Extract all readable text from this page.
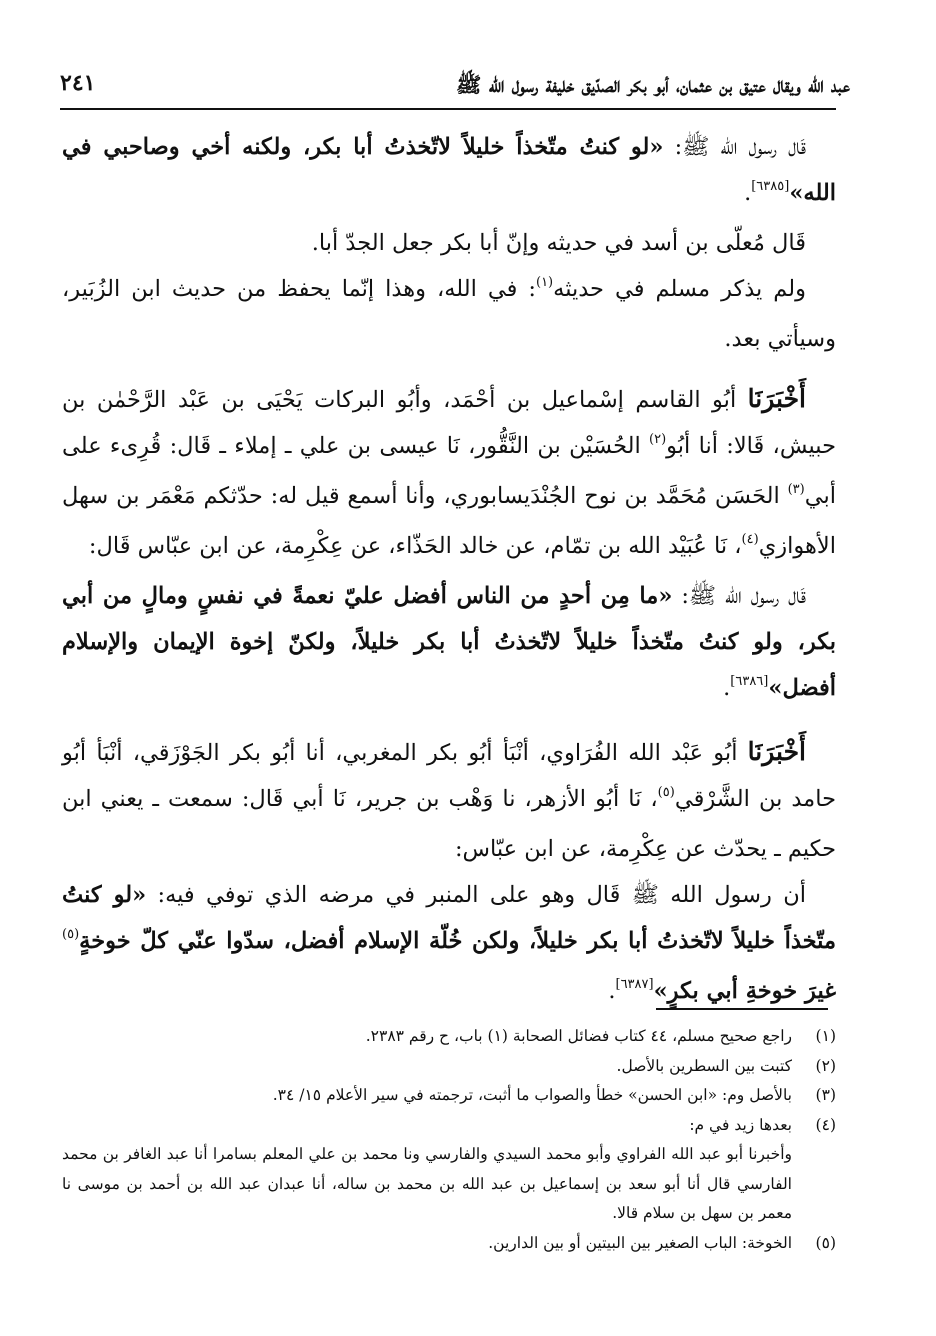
عبد الله ويقال عتيق بن عثمان، أبو بكر الصدّيق خليفة رسول الله ﷺ
٢٤١

قَال رسول الله ﷺ: «لو كنتُ متّخذاً خليلاً لاتّخذتُ أبا بكر، ولكنه أخي وصاحبي في الله»[٦٣٨٥].

قَال مُعلّى بن أسد في حديثه وإنّ أبا بكر جعل الجدّ أبا.

ولم يذكر مسلم في حديثه$^{(١)}$: في الله، وهذا إنّما يحفظ من حديث ابن الزُبَير، وسيأتي بعد.

أَخْبَرَنَا أبُو القاسم إسْماعيل بن أحْمَد، وأبُو البركات يَحْيَى بن عَبْد الرَّحْمٰن بن حبيش، قَالا: أنا أبُو$^{(٢)}$ الحُسَيْن بن النَّقُّور، نَا عيسى بن علي ـ إملاء ـ قَال: قُرِىء على أبي$^{(٣)}$ الحَسَن مُحَمَّد بن نوح الجُنْدَيسابوري، وأنا أسمع قيل له: حدّثكم مَعْمَر بن سهل الأهوازي$^{(٤)}$، نَا عُبَيْد الله بن تمّام، عن خالد الحَذّاء، عن عِكْرِمة، عن ابن عبّاس قَال:

قَال رسول الله ﷺ: «ما مِن أحدٍ من الناس أفضل عليّ نعمةً في نفسٍ ومالٍ من أبي بكر، ولو كنتُ متّخذاً خليلاً لاتّخذتُ أبا بكر خليلاً، ولكنّ إخوة الإيمان والإسلام أفضل»[٦٣٨٦].

أَخْبَرَنَا أبُو عَبْد الله الفُرَاوي، أنْبَأ أبُو بكر المغربي، أنا أبُو بكر الجَوْزَقي، أنْبَأ أبُو حامد بن الشَّرْقي$^{(٥)}$، نَا أبُو الأزهر، نا وَهْب بن جرير، نَا أبي قَال: سمعت ـ يعني ابن حكيم ـ يحدّث عن عِكْرِمة، عن ابن عبّاس:

أن رسول الله ﷺ قَال وهو على المنبر في مرضه الذي توفي فيه: «لو كنتُ متّخذاً خليلاً لاتّخذتُ أبا بكر خليلاً، ولكن خُلّة الإسلام أفضل، سدّوا عنّي كلّ خوخةٍ$^{(٥)}$ غيرَ خوخةِ أبي بكرٍ»[٦٣٨٧].

(١)
راجع صحيح مسلم، ٤٤ كتاب فضائل الصحابة (١) باب، ح رقم ٢٣٨٣.
(٢)
كتبت بين السطرين بالأصل.
(٣)
بالأصل وم: «ابن الحسن» خطأ والصواب ما أثبت، ترجمته في سير الأعلام ١٥/ ٣٤.
(٤)
بعدها زيد في م:
وأخبرنا أبو عبد الله الفراوي وأبو محمد السيدي والفارسي ونا محمد بن علي المعلم بسامرا أنا عبد الغافر بن محمد الفارسي قال أنا أبو سعد بن إسماعيل بن عبد الله بن محمد بن ساله، أنا عبدان عبد الله بن أحمد بن موسى نا معمر بن سهل بن سلام قالا.
(٥)
الخوخة: الباب الصغير بين البيتين أو بين الدارين.
